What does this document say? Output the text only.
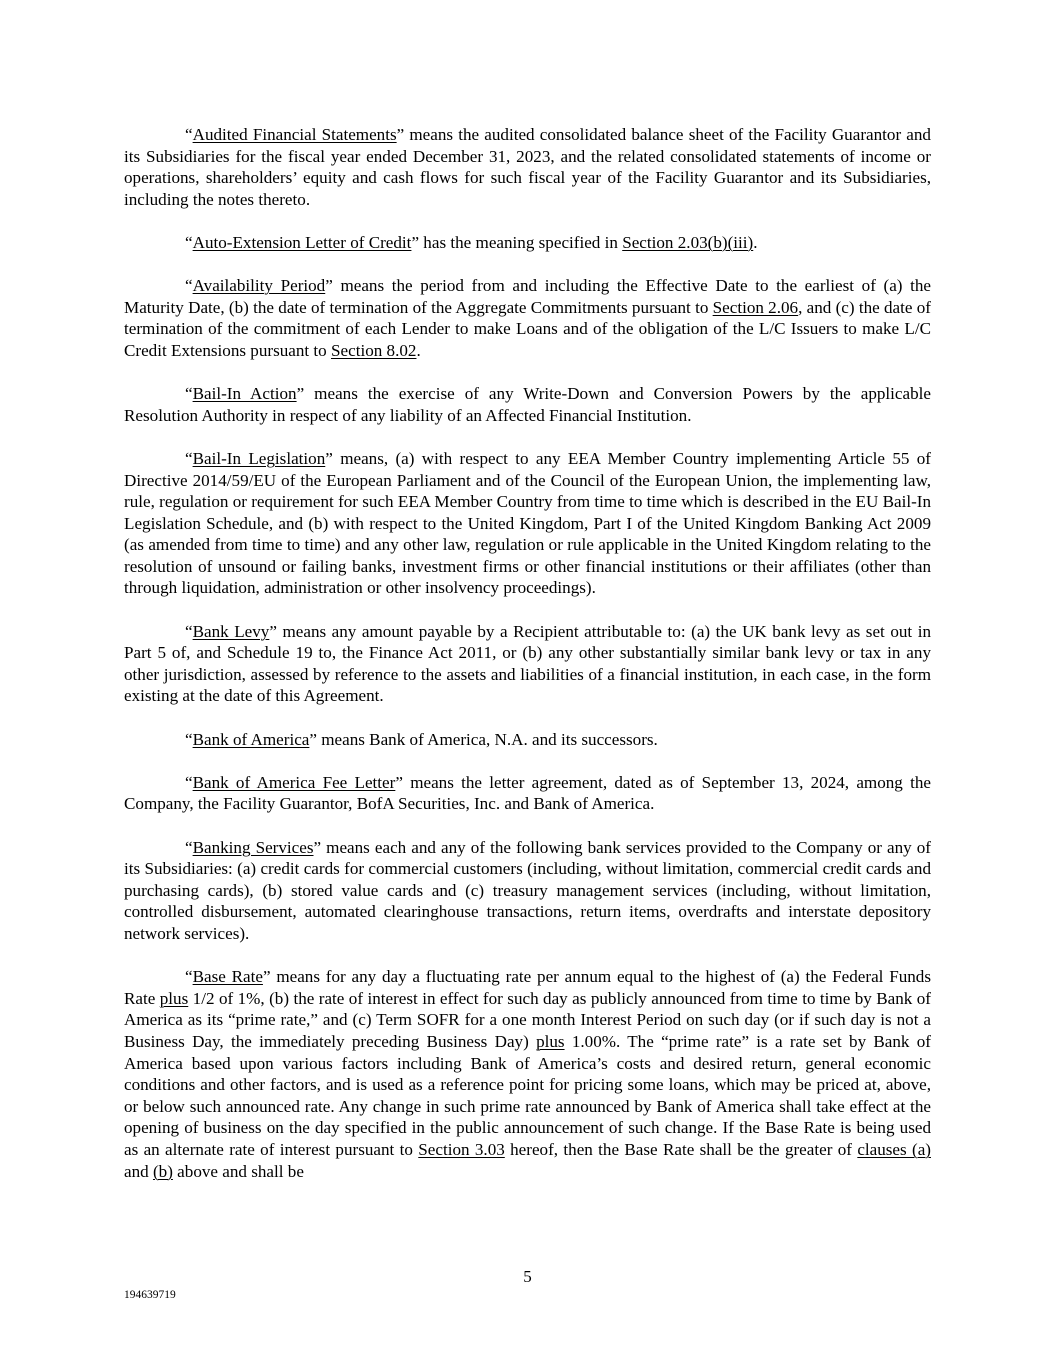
“Audited Financial Statements” means the audited consolidated balance sheet of the Facility Guarantor and its Subsidiaries for the fiscal year ended December 31, 2023, and the related consolidated statements of income or operations, shareholders’ equity and cash flows for such fiscal year of the Facility Guarantor and its Subsidiaries, including the notes thereto.

“Auto-Extension Letter of Credit” has the meaning specified in Section 2.03(b)(iii).

“Availability Period” means the period from and including the Effective Date to the earliest of (a) the Maturity Date, (b) the date of termination of the Aggregate Commitments pursuant to Section 2.06, and (c) the date of termination of the commitment of each Lender to make Loans and of the obligation of the L/C Issuers to make L/C Credit Extensions pursuant to Section 8.02.

“Bail-In Action” means the exercise of any Write-Down and Conversion Powers by the applicable Resolution Authority in respect of any liability of an Affected Financial Institution.

“Bail-In Legislation” means, (a) with respect to any EEA Member Country implementing Article 55 of Directive 2014/59/EU of the European Parliament and of the Council of the European Union, the implementing law, rule, regulation or requirement for such EEA Member Country from time to time which is described in the EU Bail-In Legislation Schedule, and (b) with respect to the United Kingdom, Part I of the United Kingdom Banking Act 2009 (as amended from time to time) and any other law, regulation or rule applicable in the United Kingdom relating to the resolution of unsound or failing banks, investment firms or other financial institutions or their affiliates (other than through liquidation, administration or other insolvency proceedings).

“Bank Levy” means any amount payable by a Recipient attributable to: (a) the UK bank levy as set out in Part 5 of, and Schedule 19 to, the Finance Act 2011, or (b) any other substantially similar bank levy or tax in any other jurisdiction, assessed by reference to the assets and liabilities of a financial institution, in each case, in the form existing at the date of this Agreement.

“Bank of America” means Bank of America, N.A. and its successors.

“Bank of America Fee Letter” means the letter agreement, dated as of September 13, 2024, among the Company, the Facility Guarantor, BofA Securities, Inc. and Bank of America.

“Banking Services” means each and any of the following bank services provided to the Company or any of its Subsidiaries: (a) credit cards for commercial customers (including, without limitation, commercial credit cards and purchasing cards), (b) stored value cards and (c) treasury management services (including, without limitation, controlled disbursement, automated clearinghouse transactions, return items, overdrafts and interstate depository network services).

“Base Rate” means for any day a fluctuating rate per annum equal to the highest of (a) the Federal Funds Rate plus 1/2 of 1%, (b) the rate of interest in effect for such day as publicly announced from time to time by Bank of America as its “prime rate,” and (c) Term SOFR for a one month Interest Period on such day (or if such day is not a Business Day, the immediately preceding Business Day) plus 1.00%. The “prime rate” is a rate set by Bank of America based upon various factors including Bank of America’s costs and desired return, general economic conditions and other factors, and is used as a reference point for pricing some loans, which may be priced at, above, or below such announced rate. Any change in such prime rate announced by Bank of America shall take effect at the opening of business on the day specified in the public announcement of such change. If the Base Rate is being used as an alternate rate of interest pursuant to Section 3.03 hereof, then the Base Rate shall be the greater of clauses (a) and (b) above and shall be

5
194639719
